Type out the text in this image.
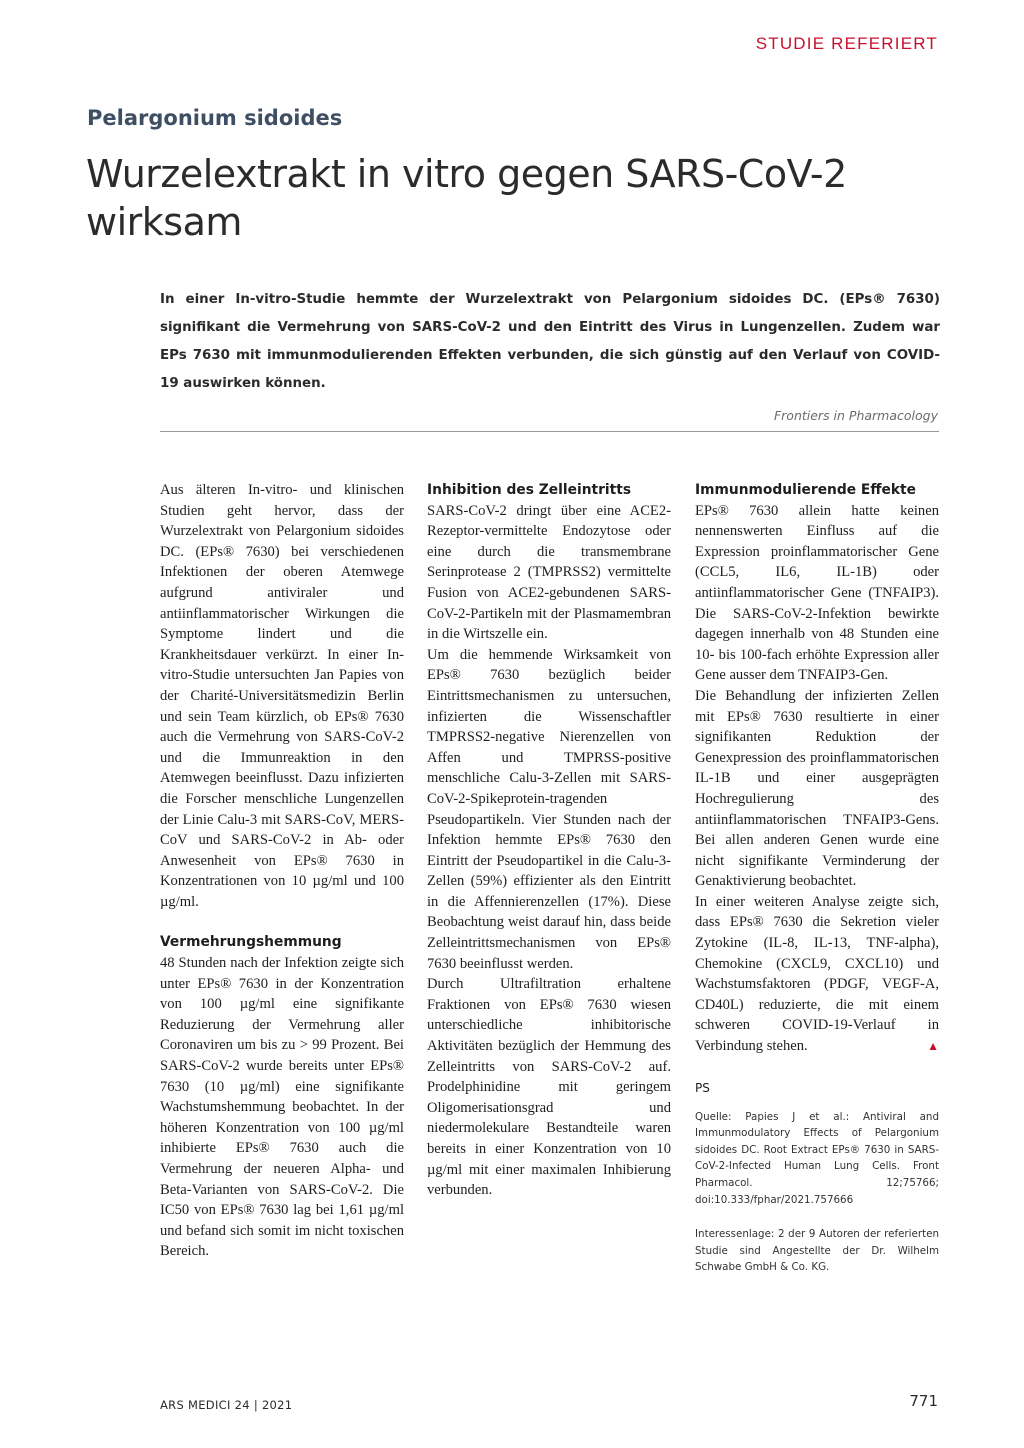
STUDIE REFERIERT
Pelargonium sidoides
Wurzelextrakt in vitro gegen SARS-CoV-2 wirksam

In einer In-vitro-Studie hemmte der Wurzelextrakt von Pelargonium sidoides DC. (EPs® 7630) signifikant die Vermehrung von SARS-CoV-2 und den Eintritt des Virus in Lungenzellen. Zudem war EPs 7630 mit immunmodulierenden Effekten verbunden, die sich günstig auf den Verlauf von COVID-19 auswirken können.

Frontiers in Pharmacology

Aus älteren In-vitro- und klinischen Studien geht hervor, dass der Wurzelextrakt von Pelargonium sidoides DC. (EPs® 7630) bei verschiedenen Infektionen der oberen Atemwege aufgrund antiviraler und antiinflammatorischer Wirkungen die Symptome lindert und die Krankheitsdauer verkürzt. In einer In-vitro-Studie untersuchten Jan Papies von der Charité-Universitätsmedizin Berlin und sein Team kürzlich, ob EPs® 7630 auch die Vermehrung von SARS-CoV-2 und die Immunreaktion in den Atemwegen beeinflusst. Dazu infizierten die Forscher menschliche Lungenzellen der Linie Calu-3 mit SARS-CoV, MERS-CoV und SARS-CoV-2 in Ab- oder Anwesenheit von EPs® 7630 in Konzentrationen von 10 µg/ml und 100 µg/ml.

Vermehrungshemmung

48 Stunden nach der Infektion zeigte sich unter EPs® 7630 in der Konzentration von 100 µg/ml eine signifikante Reduzierung der Vermehrung aller Coronaviren um bis zu > 99 Prozent. Bei SARS-CoV-2 wurde bereits unter EPs® 7630 (10 µg/ml) eine signifikante Wachstumshemmung beobachtet. In der höheren Konzentration von 100 µg/ml inhibierte EPs® 7630 auch die Vermehrung der neueren Alpha- und Beta-Varianten von SARS-CoV-2. Die IC50 von EPs® 7630 lag bei 1,61 µg/ml und befand sich somit im nicht toxischen Bereich.

Inhibition des Zelleintritts

SARS-CoV-2 dringt über eine ACE2-Rezeptor-vermittelte Endozytose oder eine durch die transmembrane Serinprotease 2 (TMPRSS2) vermittelte Fusion von ACE2-gebundenen SARS-CoV-2-Partikeln mit der Plasmamembran in die Wirtszelle ein.

Um die hemmende Wirksamkeit von EPs® 7630 bezüglich beider Eintrittsmechanismen zu untersuchen, infizierten die Wissenschaftler TMPRSS2-negative Nierenzellen von Affen und TMPRSS-positive menschliche Calu-3-Zellen mit SARS-CoV-2-Spikeprotein-tragenden Pseudopartikeln. Vier Stunden nach der Infektion hemmte EPs® 7630 den Eintritt der Pseudopartikel in die Calu-3-Zellen (59%) effizienter als den Eintritt in die Affennierenzellen (17%). Diese Beobachtung weist darauf hin, dass beide Zelleintrittsmechanismen von EPs® 7630 beeinflusst werden.

Durch Ultrafiltration erhaltene Fraktionen von EPs® 7630 wiesen unterschiedliche inhibitorische Aktivitäten bezüglich der Hemmung des Zelleintritts von SARS-CoV-2 auf. Prodelphinidine mit geringem Oligomerisationsgrad und niedermolekulare Bestandteile waren bereits in einer Konzentration von 10 µg/ml mit einer maximalen Inhibierung verbunden.

Immunmodulierende Effekte

EPs® 7630 allein hatte keinen nennenswerten Einfluss auf die Expression proinflammatorischer Gene (CCL5, IL6, IL-1B) oder antiinflammatorischer Gene (TNFAIP3). Die SARS-CoV-2-Infektion bewirkte dagegen innerhalb von 48 Stunden eine 10- bis 100-fach erhöhte Expression aller Gene ausser dem TNFAIP3-Gen.

Die Behandlung der infizierten Zellen mit EPs® 7630 resultierte in einer signifikanten Reduktion der Genexpression des proinflammatorischen IL-1B und einer ausgeprägten Hochregulierung des antiinflammatorischen TNFAIP3-Gens. Bei allen anderen Genen wurde eine nicht signifikante Verminderung der Genaktivierung beobachtet.

In einer weiteren Analyse zeigte sich, dass EPs® 7630 die Sekretion vieler Zytokine (IL-8, IL-13, TNF-alpha), Chemokine (CXCL9, CXCL10) und Wachstumsfaktoren (PDGF, VEGF-A, CD40L) reduzierte, die mit einem schweren COVID-19-Verlauf in Verbindung stehen.	▲

PS

Quelle: Papies J et al.: Antiviral and Immunmodulatory Effects of Pelargonium sidoides DC. Root Extract EPs® 7630 in SARS-CoV-2-Infected Human Lung Cells. Front Pharmacol. 12;75766; doi:10.333/fphar/2021.757666

Interessenlage: 2 der 9 Autoren der referierten Studie sind Angestellte der Dr. Wilhelm Schwabe GmbH & Co. KG.

ARS MEDICI 24 | 2021	771
